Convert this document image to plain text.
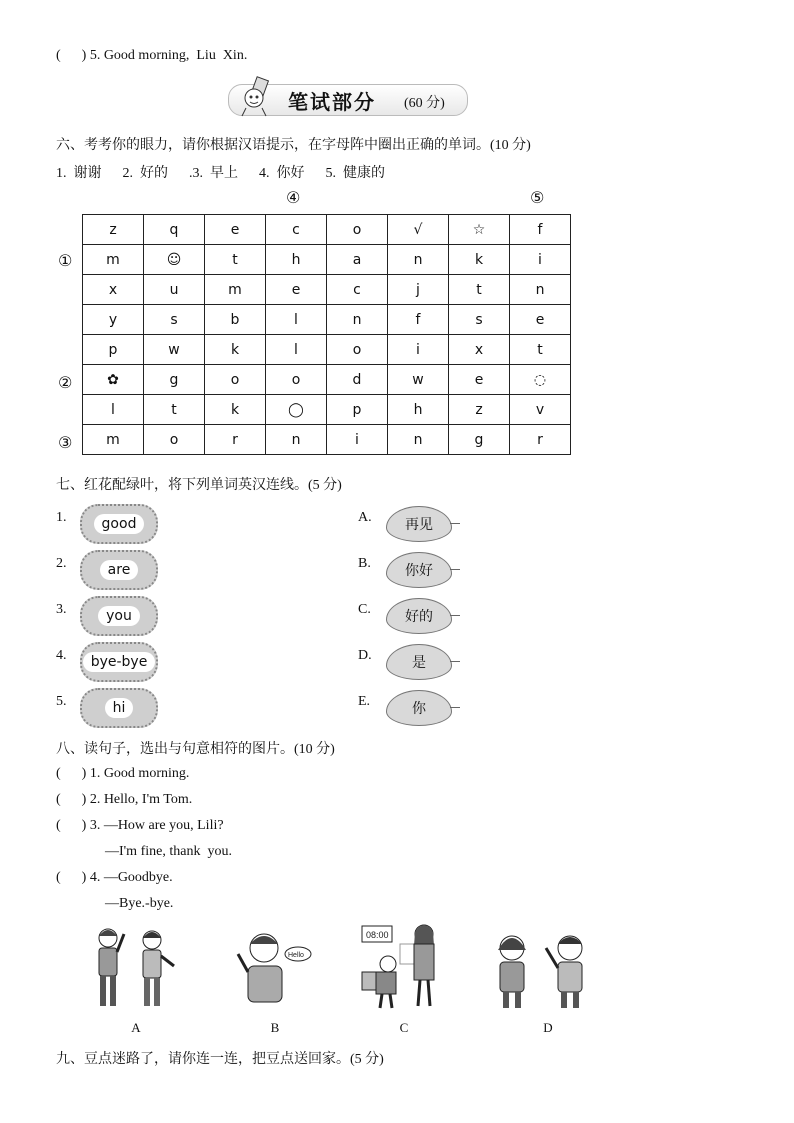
(      ) 5. Good morning,  Liu  Xin.
笔试部分 (60 分)
六、考考你的眼力，请你根据汉语提示，在字母阵中圈出正确的单词。(10 分)
1.  谢谢      2.  好的      .3.  早上      4.  你好      5.  健康的
④	⑤
①
②
③
z	q	e	c	o	√	☆	f
m	☺	t	h	a	n	k	i
x	u	m	e	c	j	t	n
y	s	b	l	n	f	s	e
p	w	k	l	o	i	x	t
✿	g	o	o	d	w	e	◌
l	t	k	◯	p	h	z	v
m	o	r	n	i	n	g	r
七、红花配绿叶，将下列单词英汉连线。(5 分)
1.	good
2.	are
3.	you
4.	bye-bye
5.	hi
A.	再见
B.	你好
C.	好的
D.	是
E.	你
八、读句子，选出与句意相符的图片。(10 分)
(      ) 1. Good morning.
(      ) 2. Hello, I'm Tom.
(      ) 3. —How are you, Lili?
—I'm fine, thank  you.
(      ) 4. —Goodbye.
—Bye.-bye.
Hello
08:00
A	B	C	D
九、豆点迷路了，请你连一连，把豆点送回家。(5 分)
